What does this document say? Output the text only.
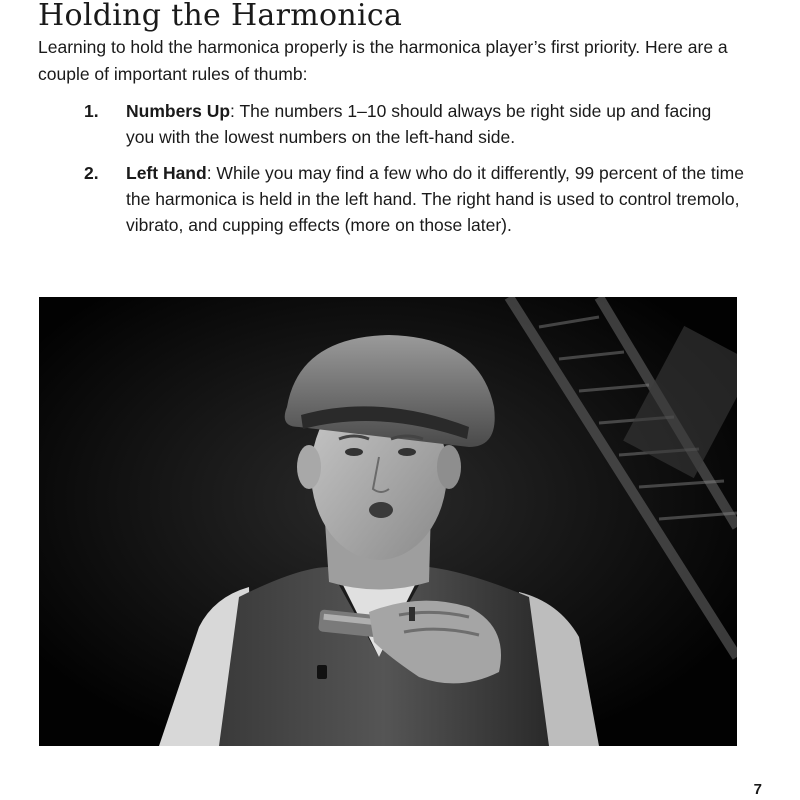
Holding the Harmonica

Learning to hold the harmonica properly is the harmonica player’s first priority. Here are a couple of important rules of thumb:

1. Numbers Up: The numbers 1–10 should always be right side up and facing you with the lowest numbers on the left-hand side.
2. Left Hand: While you may find a few who do it differently, 99 percent of the time the harmonica is held in the left hand. The right hand is used to control tremolo, vibrato, and cupping effects (more on those later).
7
